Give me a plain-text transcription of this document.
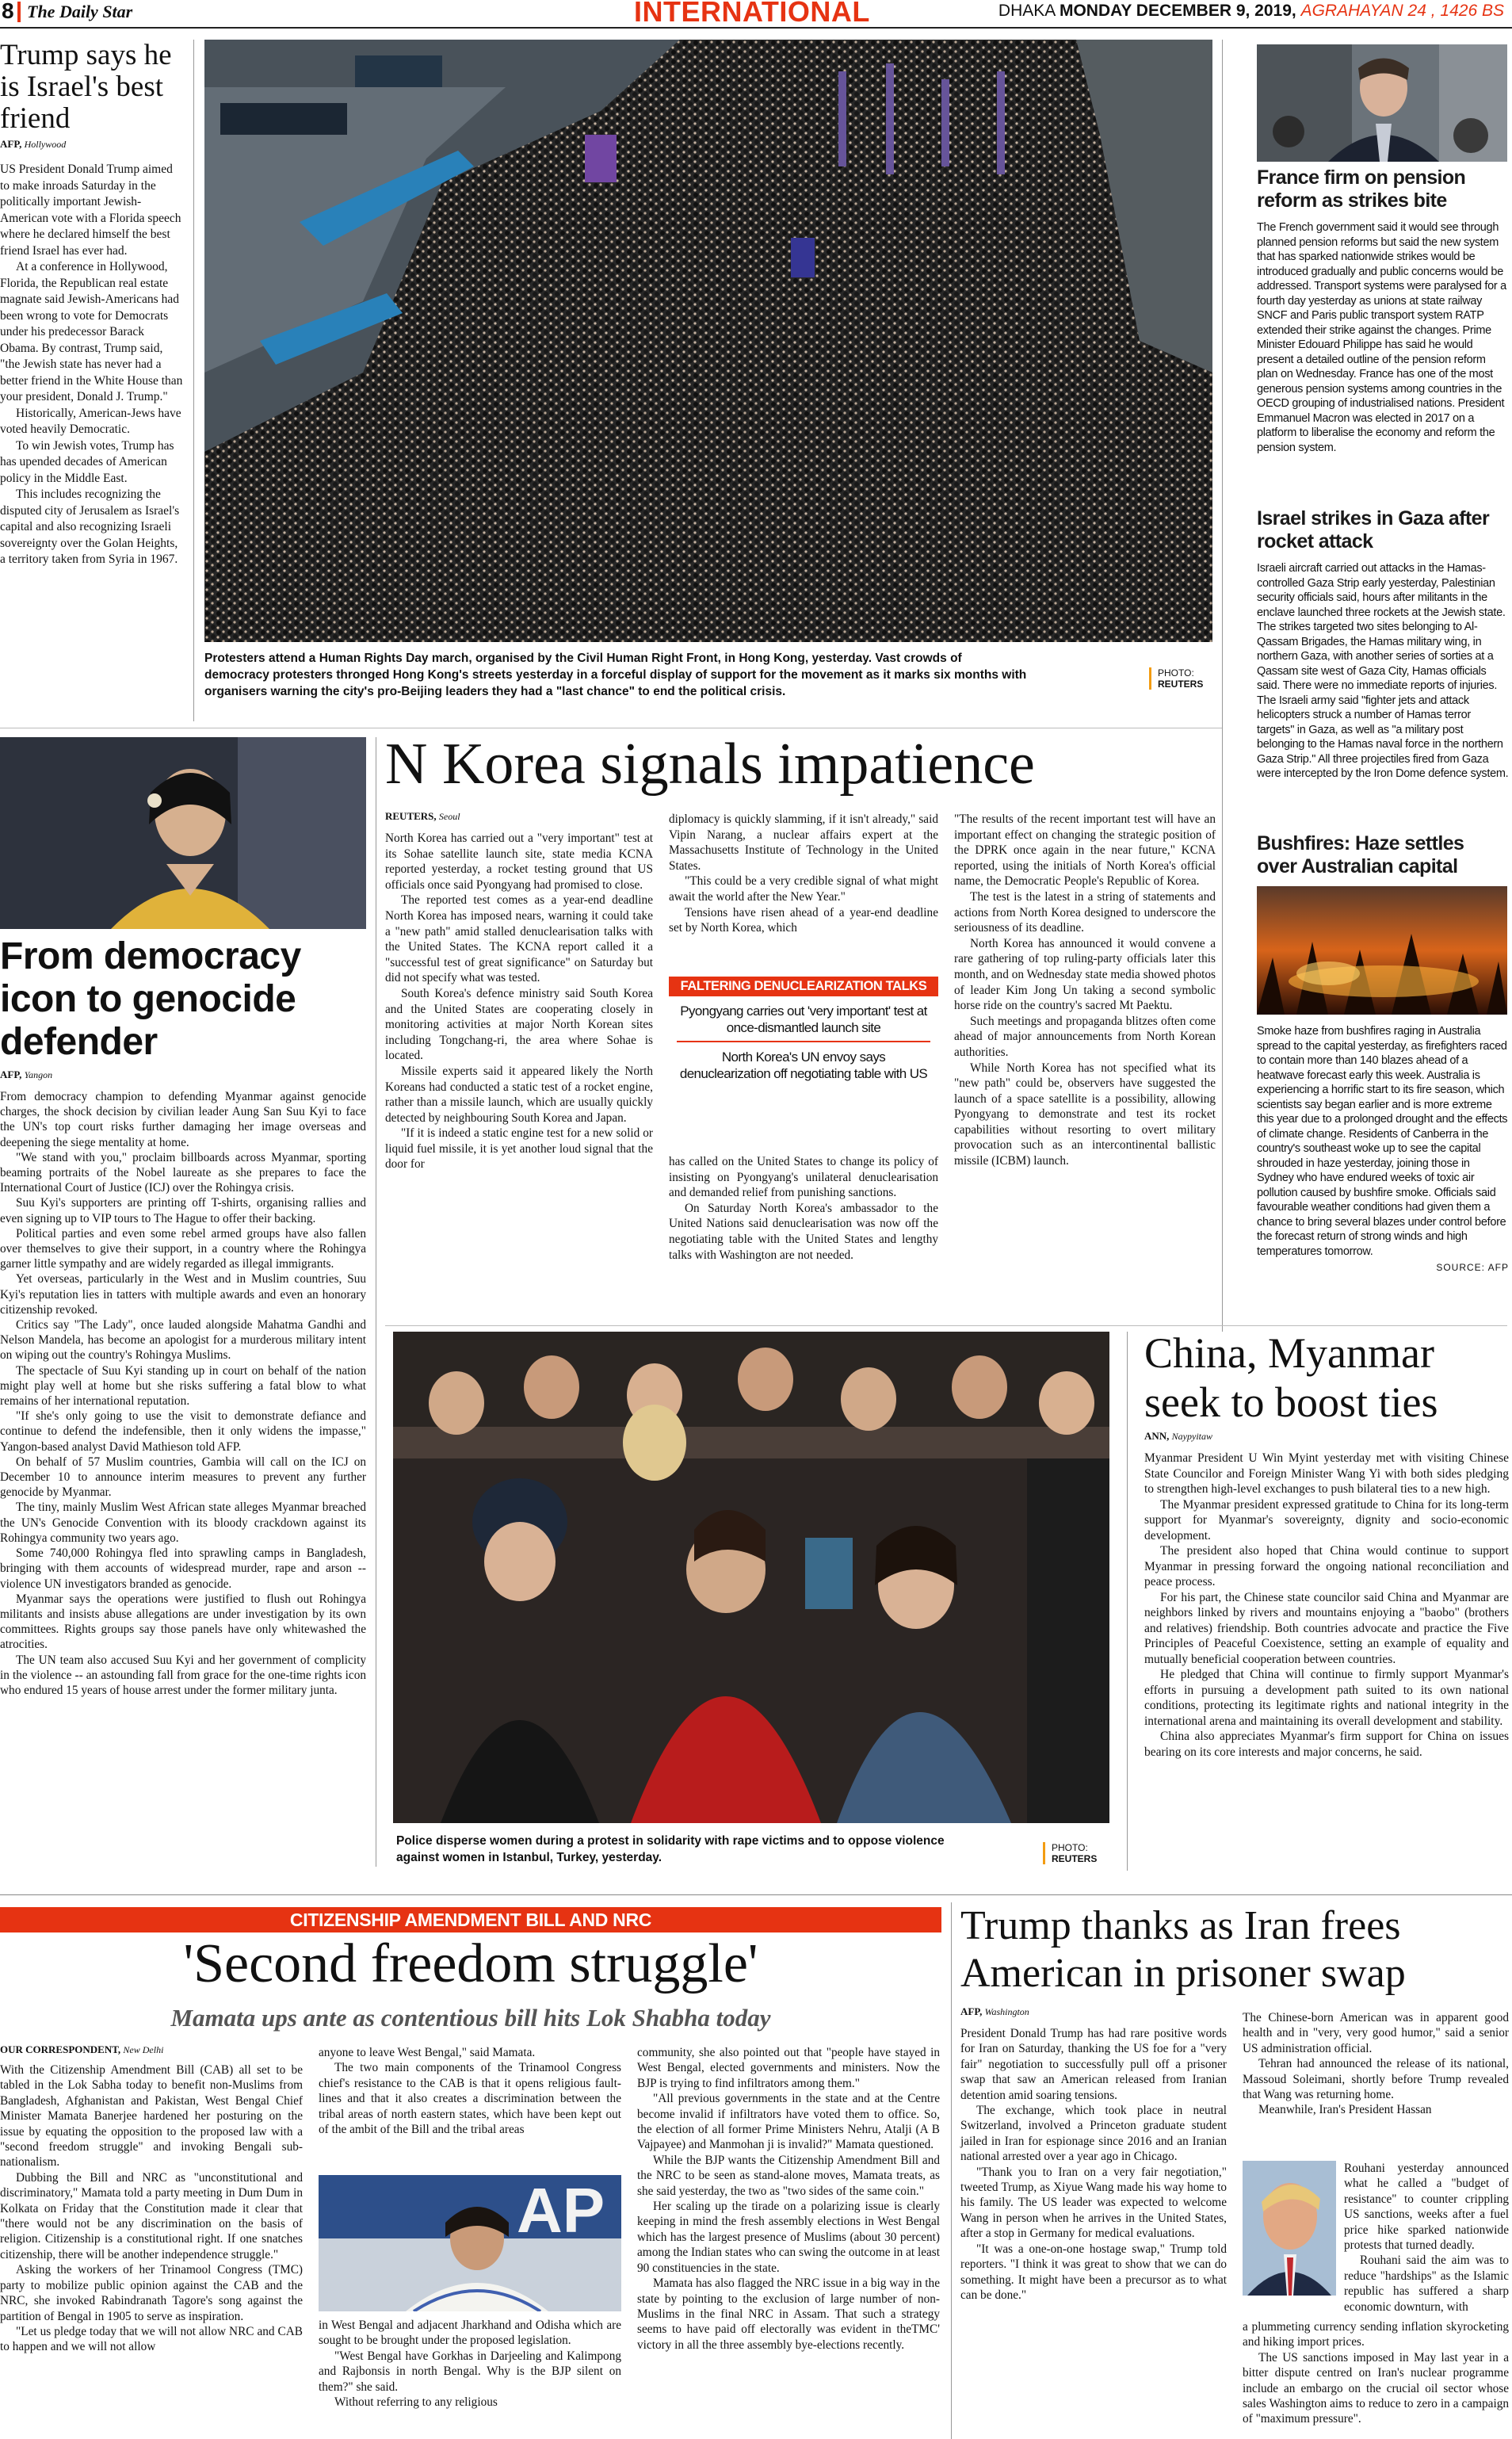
8 The Daily Star	INTERNATIONAL	DHAKA MONDAY DECEMBER 9, 2019, AGRAHAYAN 24 , 1426 BS
Trump says he is Israel's best friend
AFP, Hollywood

US President Donald Trump aimed to make inroads Saturday in the politically important Jewish-American vote with a Florida speech where he declared himself the best friend Israel has ever had.

At a conference in Hollywood, Florida, the Republican real estate magnate said Jewish-Americans had been wrong to vote for Democrats under his predecessor Barack Obama. By contrast, Trump said, "the Jewish state has never had a better friend in the White House than your president, Donald J. Trump."

Historically, American-Jews have voted heavily Democratic.

To win Jewish votes, Trump has has upended decades of American policy in the Middle East.

This includes recognizing the disputed city of Jerusalem as Israel's capital and also recognizing Israeli sovereignty over the Golan Heights, a territory taken from Syria in 1967.

Protesters attend a Human Rights Day march, organised by the Civil Human Right Front, in Hong Kong, yesterday. Vast crowds of democracy protesters thronged Hong Kong's streets yesterday in a forceful display of support for the movement as it marks six months with organisers warning the city's pro-Beijing leaders they had a "last chance" to end the political crisis.
PHOTO:
REUTERS
France firm on pension reform as strikes bite
The French government said it would see through planned pension reforms but said the new system that has sparked nationwide strikes would be introduced gradually and public concerns would be addressed. Transport systems were paralysed for a fourth day yesterday as unions at state railway SNCF and Paris public transport system RATP extended their strike against the changes. Prime Minister Edouard Philippe has said he would present a detailed outline of the pension reform plan on Wednesday. France has one of the most generous pension systems among countries in the OECD grouping of industrialised nations. President Emmanuel Macron was elected in 2017 on a platform to liberalise the economy and reform the pension system.
Israel strikes in Gaza after rocket attack
Israeli aircraft carried out attacks in the Hamas-controlled Gaza Strip early yesterday, Palestinian security officials said, hours after militants in the enclave launched three rockets at the Jewish state. The strikes targeted two sites belonging to Al-Qassam Brigades, the Hamas military wing, in northern Gaza, with another series of sorties at a Qassam site west of Gaza City, Hamas officials said. There were no immediate reports of injuries. The Israeli army said "fighter jets and attack helicopters struck a number of Hamas terror targets" in Gaza, as well as "a military post belonging to the Hamas naval force in the northern Gaza Strip." All three projectiles fired from Gaza were intercepted by the Iron Dome defence system.
Bushfires: Haze settles over Australian capital
Smoke haze from bushfires raging in Australia spread to the capital yesterday, as firefighters raced to contain more than 140 blazes ahead of a heatwave forecast early this week. Australia is experiencing a horrific start to its fire season, which scientists say began earlier and is more extreme this year due to a prolonged drought and the effects of climate change. Residents of Canberra in the country's southeast woke up to see the capital shrouded in haze yesterday, joining those in Sydney who have endured weeks of toxic air pollution caused by bushfire smoke. Officials said favourable weather conditions had given them a chance to bring several blazes under control before the forecast return of strong winds and high temperatures tomorrow.
SOURCE: AFP
From democracy icon to genocide defender
AFP, Yangon

From democracy champion to defending Myanmar against genocide charges, the shock decision by civilian leader Aung San Suu Kyi to face the UN's top court risks further damaging her image overseas and deepening the siege mentality at home.

"We stand with you," proclaim billboards across Myanmar, sporting beaming portraits of the Nobel laureate as she prepares to face the International Court of Justice (ICJ) over the Rohingya crisis.

Suu Kyi's supporters are printing off T-shirts, organising rallies and even signing up to VIP tours to The Hague to offer their backing.

Political parties and even some rebel armed groups have also fallen over themselves to give their support, in a country where the Rohingya garner little sympathy and are widely regarded as illegal immigrants.

Yet overseas, particularly in the West and in Muslim countries, Suu Kyi's reputation lies in tatters with multiple awards and even an honorary citizenship revoked.

Critics say "The Lady", once lauded alongside Mahatma Gandhi and Nelson Mandela, has become an apologist for a murderous military intent on wiping out the country's Rohingya Muslims.

The spectacle of Suu Kyi standing up in court on behalf of the nation might play well at home but she risks suffering a fatal blow to what remains of her international reputation.

"If she's only going to use the visit to demonstrate defiance and continue to defend the indefensible, then it only widens the impasse," Yangon-based analyst David Mathieson told AFP.

On behalf of 57 Muslim countries, Gambia will call on the ICJ on December 10 to announce interim measures to prevent any further genocide by Myanmar.

The tiny, mainly Muslim West African state alleges Myanmar breached the UN's Genocide Convention with its bloody crackdown against its Rohingya community two years ago.

Some 740,000 Rohingya fled into sprawling camps in Bangladesh, bringing with them accounts of widespread murder, rape and arson -- violence UN investigators branded as genocide.

Myanmar says the operations were justified to flush out Rohingya militants and insists abuse allegations are under investigation by its own committees. Rights groups say those panels have only whitewashed the atrocities.

The UN team also accused Suu Kyi and her government of complicity in the violence -- an astounding fall from grace for the one-time rights icon who endured 15 years of house arrest under the former military junta.

N Korea signals impatience
REUTERS, Seoul

North Korea has carried out a "very important" test at its Sohae satellite launch site, state media KCNA reported yesterday, a rocket testing ground that US officials once said Pyongyang had promised to close.

The reported test comes as a year-end deadline North Korea has imposed nears, warning it could take a "new path" amid stalled denuclearisation talks with the United States. The KCNA report called it a "successful test of great significance" on Saturday but did not specify what was tested.

South Korea's defence ministry said South Korea and the United States are cooperating closely in monitoring activities at major North Korean sites including Tongchang-ri, the area where Sohae is located.

Missile experts said it appeared likely the North Koreans had conducted a static test of a rocket engine, rather than a missile launch, which are usually quickly detected by neighbouring South Korea and Japan.

"If it is indeed a static engine test for a new solid or liquid fuel missile, it is yet another loud signal that the door for

diplomacy is quickly slamming, if it isn't already," said Vipin Narang, a nuclear affairs expert at the Massachusetts Institute of Technology in the United States.

"This could be a very credible signal of what might await the world after the New Year."

Tensions have risen ahead of a year-end deadline set by North Korea, which

FALTERING DENUCLEARIZATION TALKS
Pyongyang carries out 'very important' test at once-dismantled launch site
North Korea's UN envoy says denuclearization off negotiating table with US

has called on the United States to change its policy of insisting on Pyongyang's unilateral denuclearisation and demanded relief from punishing sanctions.

On Saturday North Korea's ambassador to the United Nations said denuclearisation was now off the negotiating table with the United States and lengthy talks with Washington are not needed.

"The results of the recent important test will have an important effect on changing the strategic position of the DPRK once again in the near future," KCNA reported, using the initials of North Korea's official name, the Democratic People's Republic of Korea.

The test is the latest in a string of statements and actions from North Korea designed to underscore the seriousness of its deadline.

North Korea has announced it would convene a rare gathering of top ruling-party officials later this month, and on Wednesday state media showed photos of leader Kim Jong Un taking a second symbolic horse ride on the country's sacred Mt Paektu.

Such meetings and propaganda blitzes often come ahead of major announcements from North Korean authorities.

While North Korea has not specified what its "new path" could be, observers have suggested the launch of a space satellite is a possibility, allowing Pyongyang to demonstrate and test its rocket capabilities without resorting to overt military provocation such as an intercontinental ballistic missile (ICBM) launch.

Police disperse women during a protest in solidarity with rape victims and to oppose violence against women in Istanbul, Turkey, yesterday.
PHOTO:
REUTERS
China, Myanmar seek to boost ties
ANN, Naypyitaw

Myanmar President U Win Myint yesterday met with visiting Chinese State Councilor and Foreign Minister Wang Yi with both sides pledging to strengthen high-level exchanges to push bilateral ties to a new high.

The Myanmar president expressed gratitude to China for its long-term support for Myanmar's sovereignty, dignity and socio-economic development.

The president also hoped that China would continue to support Myanmar in pressing forward the ongoing national reconciliation and peace process.

For his part, the Chinese state councilor said China and Myanmar are neighbors linked by rivers and mountains enjoying a "baobo" (brothers and relatives) friendship. Both countries advocate and practice the Five Principles of Peaceful Coexistence, setting an example of equality and mutually beneficial cooperation between countries.

He pledged that China will continue to firmly support Myanmar's efforts in pursuing a development path suited to its own national conditions, protecting its legitimate rights and national integrity in the international arena and maintaining its overall development and stability.

China also appreciates Myanmar's firm support for China on issues bearing on its core interests and major concerns, he said.

CITIZENSHIP AMENDMENT BILL AND NRC
'Second freedom struggle'
Mamata ups ante as contentious bill hits Lok Shabha today
OUR CORRESPONDENT, New Delhi

With the Citizenship Amendment Bill (CAB) all set to be tabled in the Lok Sabha today to benefit non-Muslims from Bangladesh, Afghanistan and Pakistan, West Bengal Chief Minister Mamata Banerjee hardened her posturing on the issue by equating the opposition to the proposed law with a "second freedom struggle" and invoking Bengali sub-nationalism.

Dubbing the Bill and NRC as "unconstitutional and discriminatory," Mamata told a party meeting in Dum Dum in Kolkata on Friday that the Constitution made it clear that "there would not be any discrimination on the basis of religion. Citizenship is a constitutional right. If one snatches citizenship, there will be another independence struggle."

Asking the workers of her Trinamool Congress (TMC) party to mobilize public opinion against the CAB and the NRC, she invoked Rabindranath Tagore's song against the partition of Bengal in 1905 to serve as inspiration.

"Let us pledge today that we will not allow NRC and CAB to happen and we will not allow

anyone to leave West Bengal," said Mamata.

The two main components of the Trinamool Congress chief's resistance to the CAB is that it opens religious fault-lines and that it also creates a discrimination between the tribal areas of north eastern states, which have been kept out of the ambit of the Bill and the tribal areas

AP

in West Bengal and adjacent Jharkhand and Odisha which are sought to be brought under the proposed legislation.

"West Bengal have Gorkhas in Darjeeling and Kalimpong and Rajbonsis in north Bengal. Why is the BJP silent on them?" she said.

Without referring to any religious

community, she also pointed out that "people have stayed in West Bengal, elected governments and ministers. Now the BJP is trying to find infiltrators among them."

"All previous governments in the state and at the Centre become invalid if infiltrators have voted them to office. So, the election of all former Prime Ministers Nehru, Atalji (A B Vajpayee) and Manmohan ji is invalid?" Mamata questioned.

While the BJP wants the Citizenship Amendment Bill and the NRC to be seen as stand-alone moves, Mamata treats, as she said yesterday, the two as "two sides of the same coin."

Her scaling up the tirade on a polarizing issue is clearly keeping in mind the fresh assembly elections in West Bengal which has the largest presence of Muslims (about 30 percent) among the Indian states who can swing the outcome in at least 90 constituencies in the state.

Mamata has also flagged the NRC issue in a big way in the state by pointing to the exclusion of large number of non-Muslims in the final NRC in Assam. That such a strategy seems to have paid off electorally was evident in theTMC' victory in all the three assembly bye-elections recently.

Trump thanks as Iran frees American in prisoner swap
AFP, Washington

President Donald Trump has had rare positive words for Iran on Saturday, thanking the US foe for a "very fair" negotiation to successfully pull off a prisoner swap that saw an American released from Iranian detention amid soaring tensions.

The exchange, which took place in neutral Switzerland, involved a Princeton graduate student jailed in Iran for espionage since 2016 and an Iranian national arrested over a year ago in Chicago.

"Thank you to Iran on a very fair negotiation," tweeted Trump, as Xiyue Wang made his way home to his family. The US leader was expected to welcome Wang in person when he arrives in the United States, after a stop in Germany for medical evaluations.

"It was a one-on-one hostage swap," Trump told reporters. "I think it was great to show that we can do something. It might have been a precursor as to what can be done."

The Chinese-born American was in apparent good health and in "very, very good humor," said a senior US administration official.

Tehran had announced the release of its national, Massoud Soleimani, shortly before Trump revealed that Wang was returning home.

Meanwhile, Iran's President Hassan

Rouhani yesterday announced what he called a "budget of resistance" to counter crippling US sanctions, weeks after a fuel price hike sparked nationwide protests that turned deadly.

Rouhani said the aim was to reduce "hardships" as the Islamic republic has suffered a sharp economic downturn, with

a plummeting currency sending inflation skyrocketing and hiking import prices.

The US sanctions imposed in May last year in a bitter dispute centred on Iran's nuclear programme include an embargo on the crucial oil sector whose sales Washington aims to reduce to zero in a campaign of "maximum pressure".
